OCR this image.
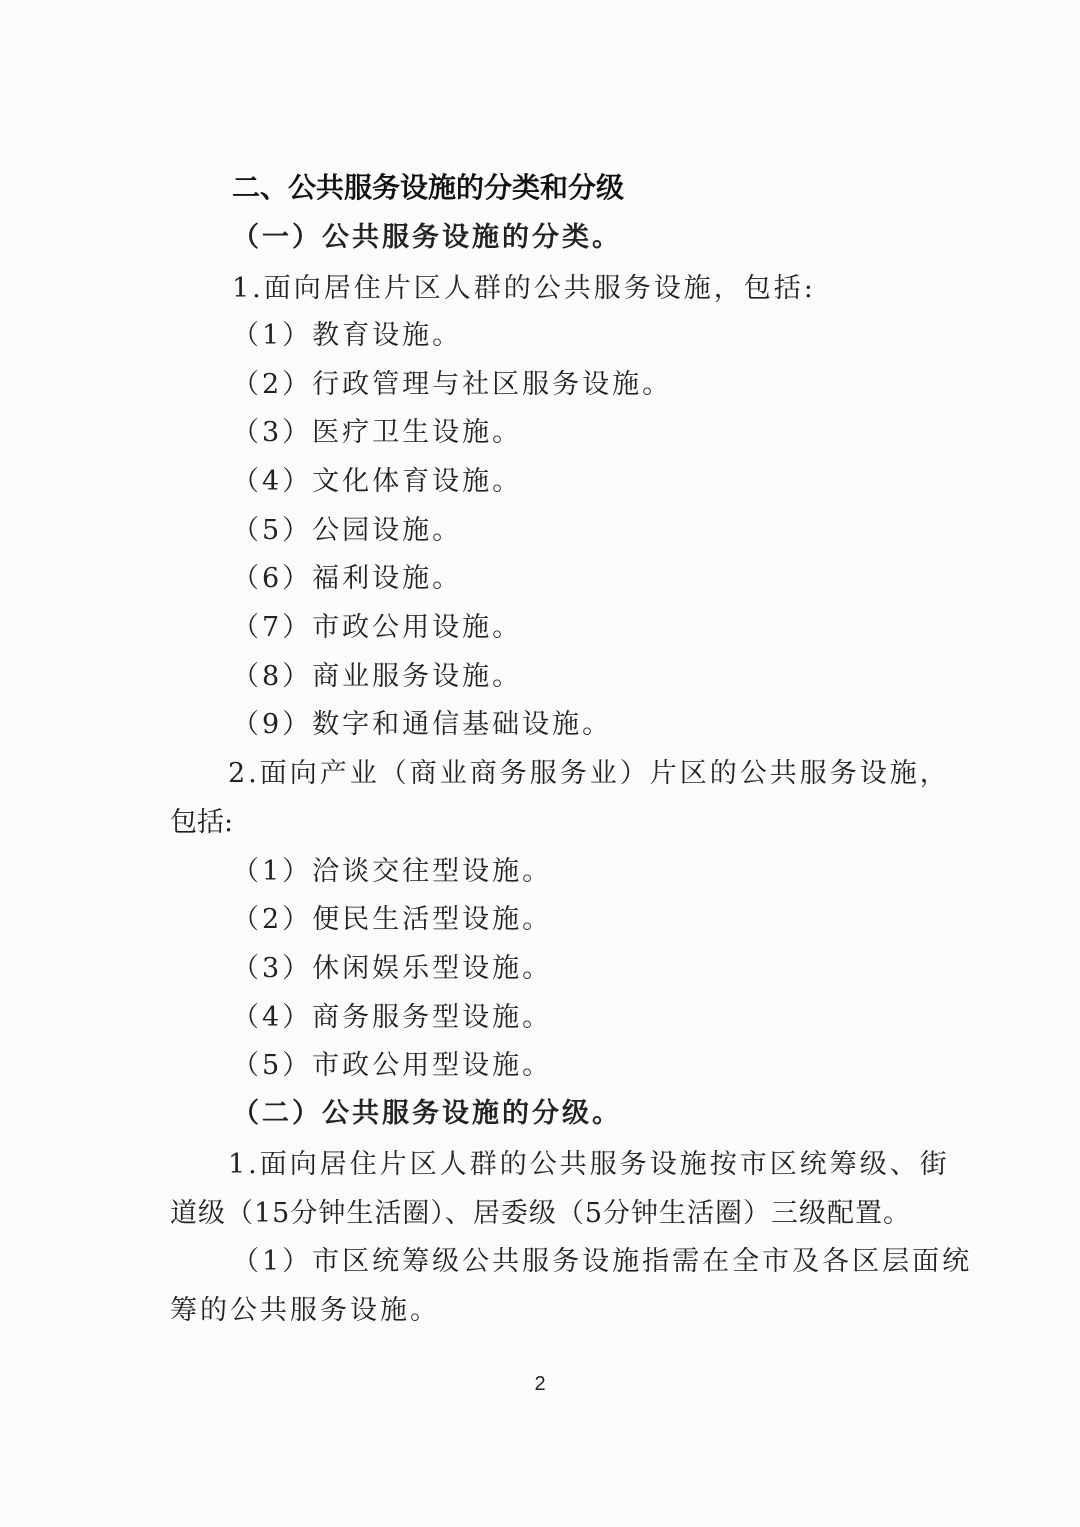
二、公共服务设施的分类和分级
（一）公共服务设施的分类。
1.面向居住片区人群的公共服务设施，包括:
（1）教育设施。
（2）行政管理与社区服务设施。
（3）医疗卫生设施。
（4）文化体育设施。
（5）公园设施。
（6）福利设施。
（7）市政公用设施。
（8）商业服务设施。
（9）数字和通信基础设施。
2.面向产业（商业商务服务业）片区的公共服务设施，
包括:
（1）洽谈交往型设施。
（2）便民生活型设施。
（3）休闲娱乐型设施。
（4）商务服务型设施。
（5）市政公用型设施。
（二）公共服务设施的分级。
1.面向居住片区人群的公共服务设施按市区统筹级、街
道级（15分钟生活圈）、居委级（5分钟生活圈）三级配置。
（1）市区统筹级公共服务设施指需在全市及各区层面统
筹的公共服务设施。
2
